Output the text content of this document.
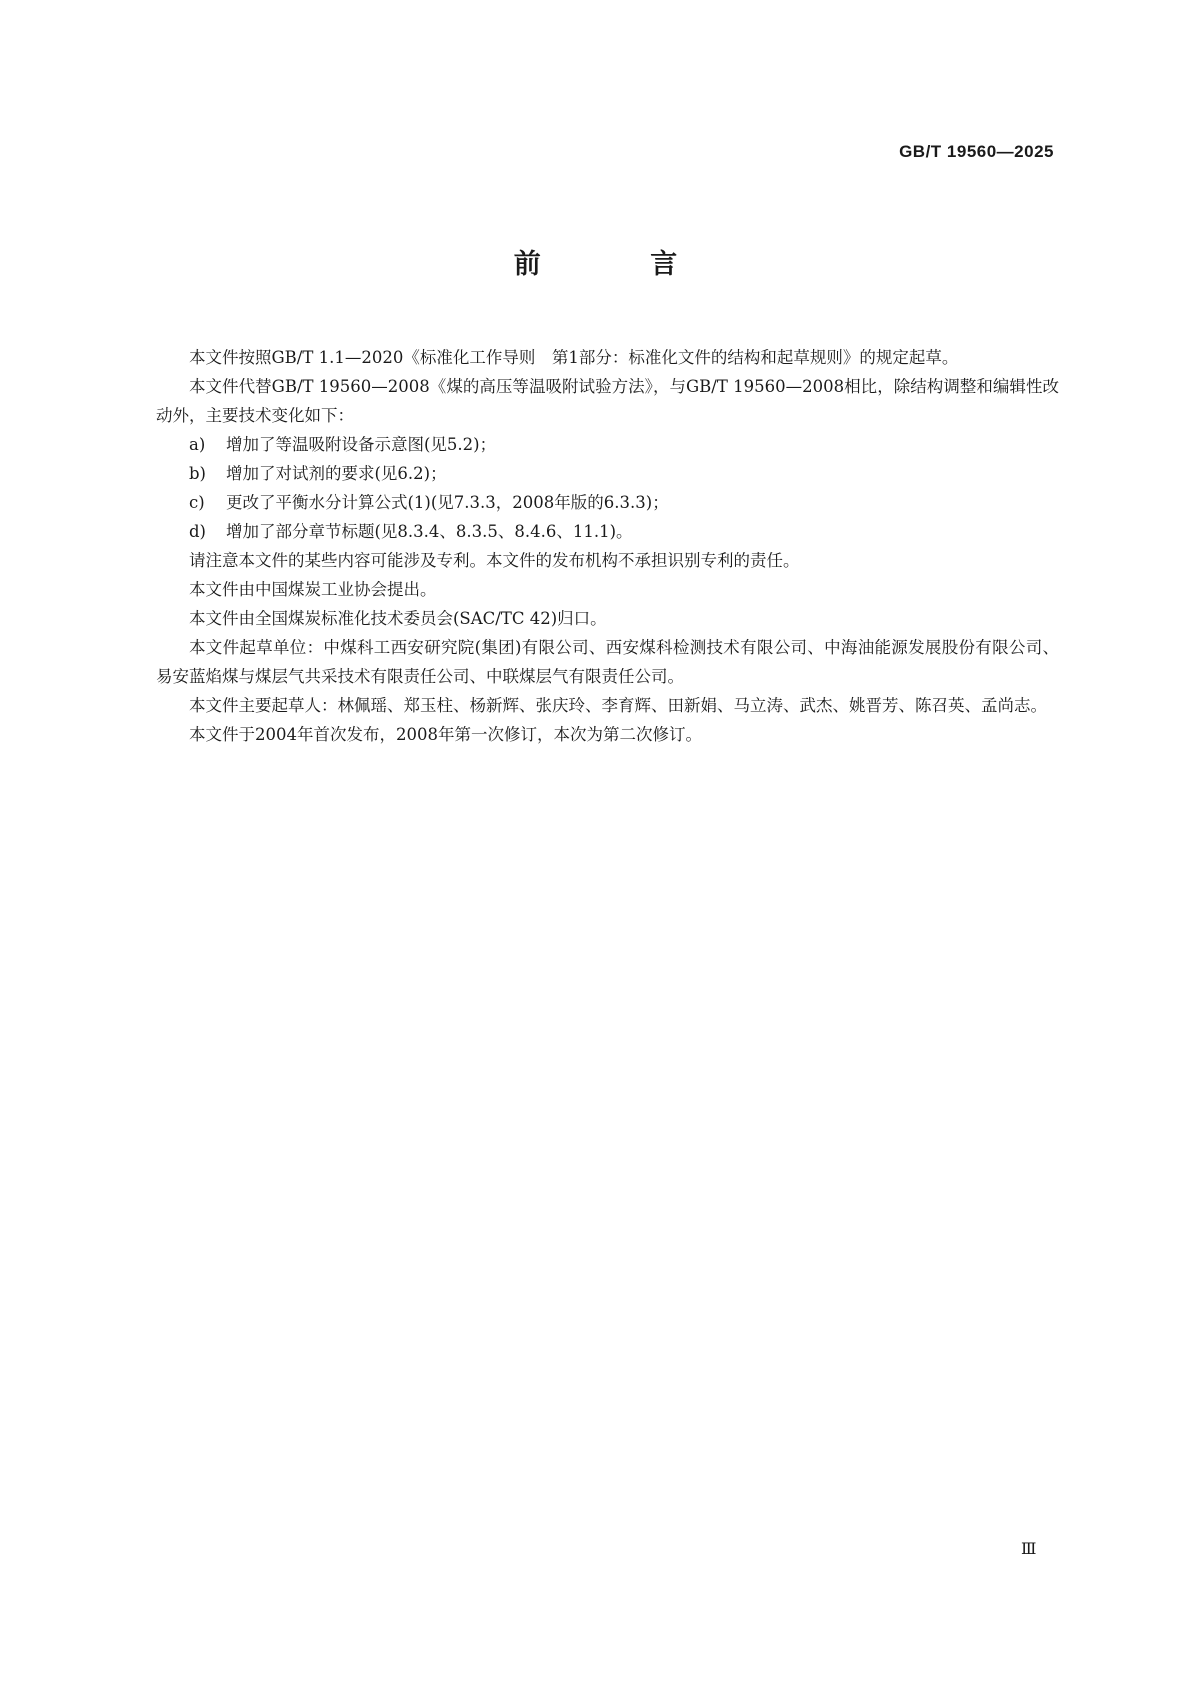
GB/T 19560—2025
前 言

本文件按照GB/T 1.1—2020《标准化工作导则　第1部分：标准化文件的结构和起草规则》的规定起草。

本文件代替GB/T 19560—2008《煤的高压等温吸附试验方法》，与GB/T 19560—2008相比，除结构调整和编辑性改动外，主要技术变化如下：

a) 增加了等温吸附设备示意图(见5.2)；

b) 增加了对试剂的要求(见6.2)；

c) 更改了平衡水分计算公式(1)(见7.3.3，2008年版的6.3.3)；

d) 增加了部分章节标题(见8.3.4、8.3.5、8.4.6、11.1)。

请注意本文件的某些内容可能涉及专利。本文件的发布机构不承担识别专利的责任。

本文件由中国煤炭工业协会提出。

本文件由全国煤炭标准化技术委员会(SAC/TC 42)归口。

本文件起草单位：中煤科工西安研究院(集团)有限公司、西安煤科检测技术有限公司、中海油能源发展股份有限公司、易安蓝焰煤与煤层气共采技术有限责任公司、中联煤层气有限责任公司。

本文件主要起草人：林佩瑶、郑玉柱、杨新辉、张庆玲、李育辉、田新娟、马立涛、武杰、姚晋芳、陈召英、孟尚志。

本文件于2004年首次发布，2008年第一次修订，本次为第二次修订。

Ⅲ
